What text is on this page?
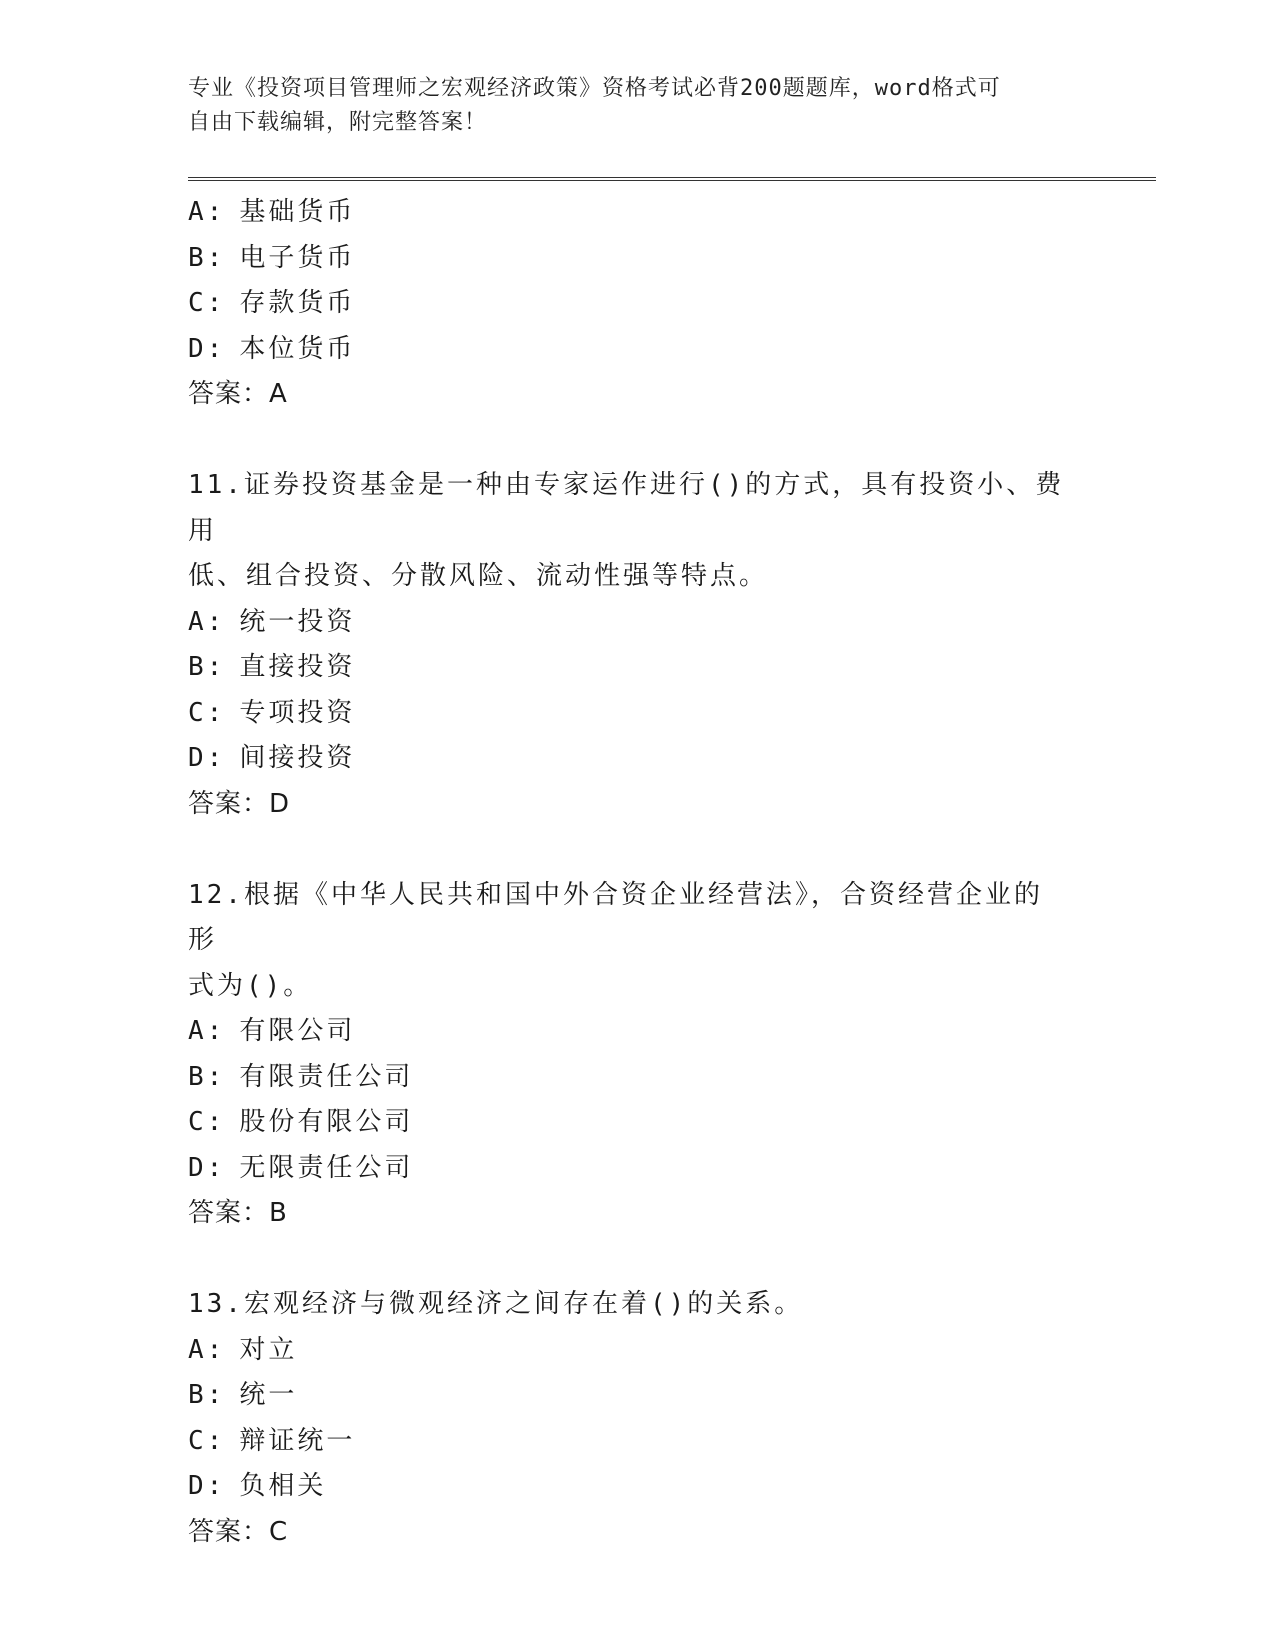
专业《投资项目管理师之宏观经济政策》资格考试必背200题题库，word格式可
自由下载编辑，附完整答案！
A: 基础货币
B: 电子货币
C: 存款货币
D: 本位货币
答案：A
11.证券投资基金是一种由专家运作进行()的方式，具有投资小、费用
低、组合投资、分散风险、流动性强等特点。
A: 统一投资
B: 直接投资
C: 专项投资
D: 间接投资
答案：D
12.根据《中华人民共和国中外合资企业经营法》，合资经营企业的形
式为()。
A: 有限公司
B: 有限责任公司
C: 股份有限公司
D: 无限责任公司
答案：B
13.宏观经济与微观经济之间存在着()的关系。
A: 对立
B: 统一
C: 辩证统一
D: 负相关
答案：C
